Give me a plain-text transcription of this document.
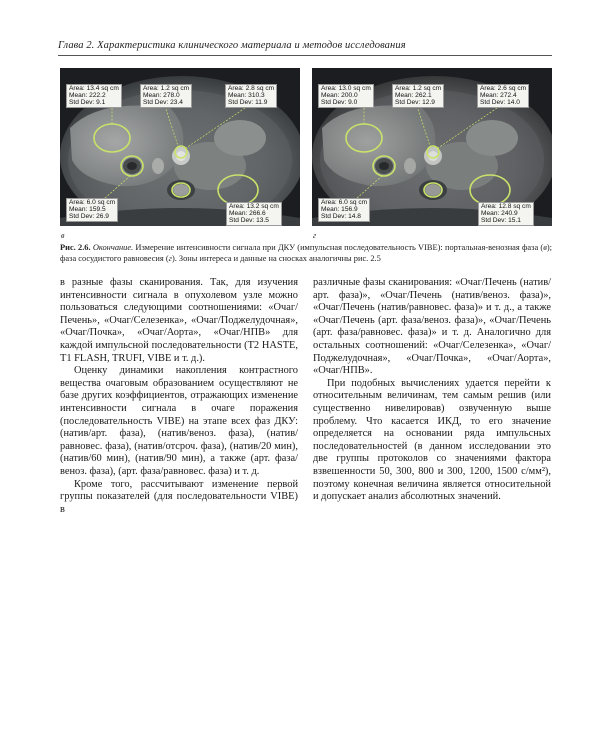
Глава 2. Характеристика клинического материала и методов исследования
Area: 13.4 sq cm
Mean: 222.2
Std Dev: 9.1
Area: 1.2 sq cm
Mean: 278.0
Std Dev: 23.4
Area: 2.8 sq cm
Mean: 310.3
Std Dev: 11.9
Area: 6.0 sq cm
Mean: 159.5
Std Dev: 26.9
Area: 13.2 sq cm
Mean: 266.6
Std Dev: 13.5
Area: 13.0 sq cm
Mean: 200.0
Std Dev: 9.0
Area: 1.2 sq cm
Mean: 262.1
Std Dev: 12.9
Area: 2.6 sq cm
Mean: 272.4
Std Dev: 14.0
Area: 6.0 sq cm
Mean: 156.9
Std Dev: 14.8
Area: 12.8 sq cm
Mean: 240.9
Std Dev: 15.1
в	г
Рис. 2.6. Окончание. Измерение интенсивности сигнала при ДКУ (импульсная последовательность VIBE): портальная-венозная фаза (в); фаза сосудистого равновесия (г). Зоны интереса и данные на сносках аналогичны рис. 2.5

в разные фазы сканирования. Так, для изучения интенсивности сигнала в опухолевом узле можно пользоваться следующими соотношениями: «Очаг/Печень», «Очаг/Селезенка», «Очаг/Поджелудочная», «Очаг/Почка», «Очаг/Аорта», «Очаг/НПВ» для каждой импульсной последовательности (T2 HASTE, T1 FLASH, TRUFI, VIBE и т. д.).

Оценку динамики накопления контрастного вещества очаговым образованием осуществляют не базе других коэффициентов, отражающих изменение интенсивности сигнала в очаге поражения (последовательность VIBE) на этапе всех фаз ДКУ: (натив/арт. фаза), (натив/веноз. фаза), (натив/равновес. фаза), (натив/отсроч. фаза), (натив/20 мин), (натив/60 мин), (натив/90 мин), а также (арт. фаза/веноз. фаза), (арт. фаза/равновес. фаза) и т. д.

Кроме того, рассчитывают изменение первой группы показателей (для последовательности VIBE) в

различные фазы сканирования: «Очаг/Печень (натив/арт. фаза)», «Очаг/Печень (натив/веноз. фаза)», «Очаг/Печень (натив/равновес. фаза)» и т. д., а также «Очаг/Печень (арт. фаза/веноз. фаза)», «Очаг/Печень (арт. фаза/равновес. фаза)» и т. д. Аналогично для остальных соотношений: «Очаг/Селезенка», «Очаг/Поджелудочная», «Очаг/Почка», «Очаг/Аорта», «Очаг/НПВ».

При подобных вычислениях удается перейти к относительным величинам, тем самым решив (или существенно нивелировав) озвученную выше проблему. Что касается ИКД, то его значение определяется на основании ряда импульсных последовательностей (в данном исследовании это две группы протоколов со значениями фактора взвешенности 50, 300, 800 и 300, 1200, 1500 с/мм²), поэтому конечная величина является относительной и допускает анализ абсолютных значений.
